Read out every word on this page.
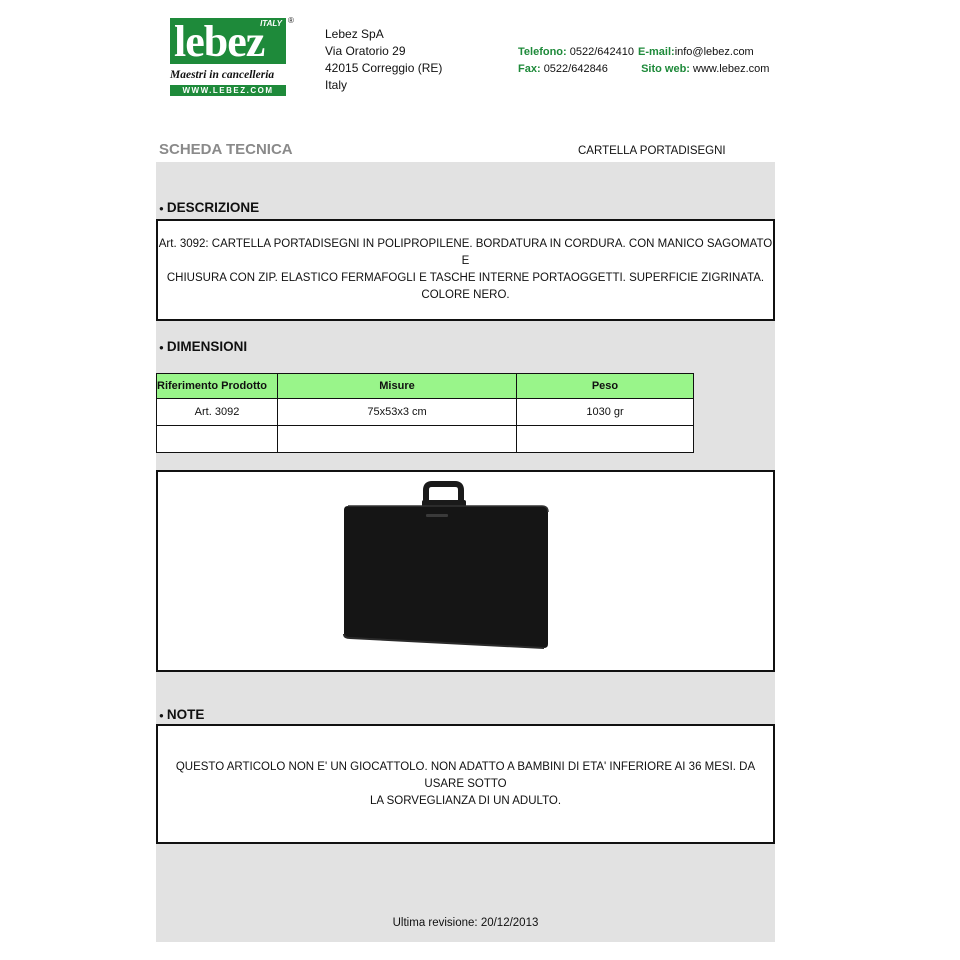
lebez
ITALY ®
Maestri in cancelleria
WWW.LEBEZ.COM
Lebez SpA
Via Oratorio 29
42015 Correggio (RE)
Italy
Telefono: 0522/642410 E-mail:info@lebez.com
Fax: 0522/642846	Sito web: www.lebez.com
SCHEDA TECNICA	CARTELLA PORTADISEGNI
● DESCRIZIONE
Art. 3092: CARTELLA PORTADISEGNI IN POLIPROPILENE. BORDATURA IN CORDURA. CON MANICO SAGOMATO E
CHIUSURA CON ZIP. ELASTICO FERMAFOGLI E TASCHE INTERNE PORTAOGGETTI. SUPERFICIE ZIGRINATA. COLORE NERO.
● DIMENSIONI
Riferimento Prodotto	Misure	Peso
Art. 3092	75x53x3 cm	1030 gr

● NOTE
QUESTO ARTICOLO NON E' UN GIOCATTOLO. NON ADATTO A BAMBINI DI ETA' INFERIORE AI 36 MESI. DA USARE SOTTO
LA SORVEGLIANZA DI UN ADULTO.
Ultima revisione: 20/12/2013
